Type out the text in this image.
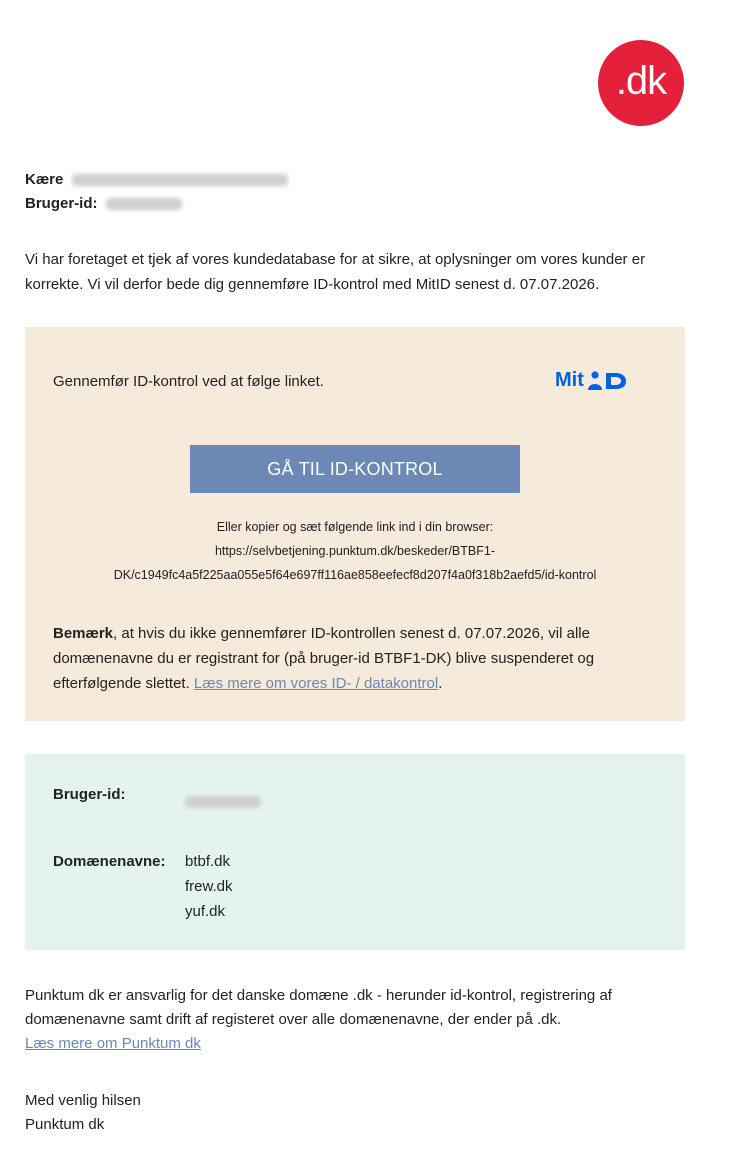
.dk
Kære
Bruger-id:
Vi har foretaget et tjek af vores kundedatabase for at sikre, at oplysninger om vores kunder er korrekte. Vi vil derfor bede dig gennemføre ID-kontrol med MitID senest d. 07.07.2026.
Gennemfør ID-kontrol ved at følge linket.	Mit
GÅ TIL ID-KONTROL
Eller kopier og sæt følgende link ind i din browser:
https://selvbetjening.punktum.dk/beskeder/BTBF1-
DK/c1949fc4a5f225aa055e5f64e697ff116ae858eefecf8d207f4a0f318b2aefd5/id-kontrol
Bemærk, at hvis du ikke gennemfører ID-kontrollen senest d. 07.07.2026, vil alle domænenavne du er registrant for (på bruger-id BTBF1-DK) blive suspenderet og efterfølgende slettet. Læs mere om vores ID- / datakontrol.
Bruger-id:
Domænenavne: btbf.dk
frew.dk
yuf.dk
Punktum dk er ansvarlig for det danske domæne .dk - herunder id-kontrol, registrering af domænenavne samt drift af registeret over alle domænenavne, der ender på .dk.
Læs mere om Punktum dk
Med venlig hilsen
Punktum dk
